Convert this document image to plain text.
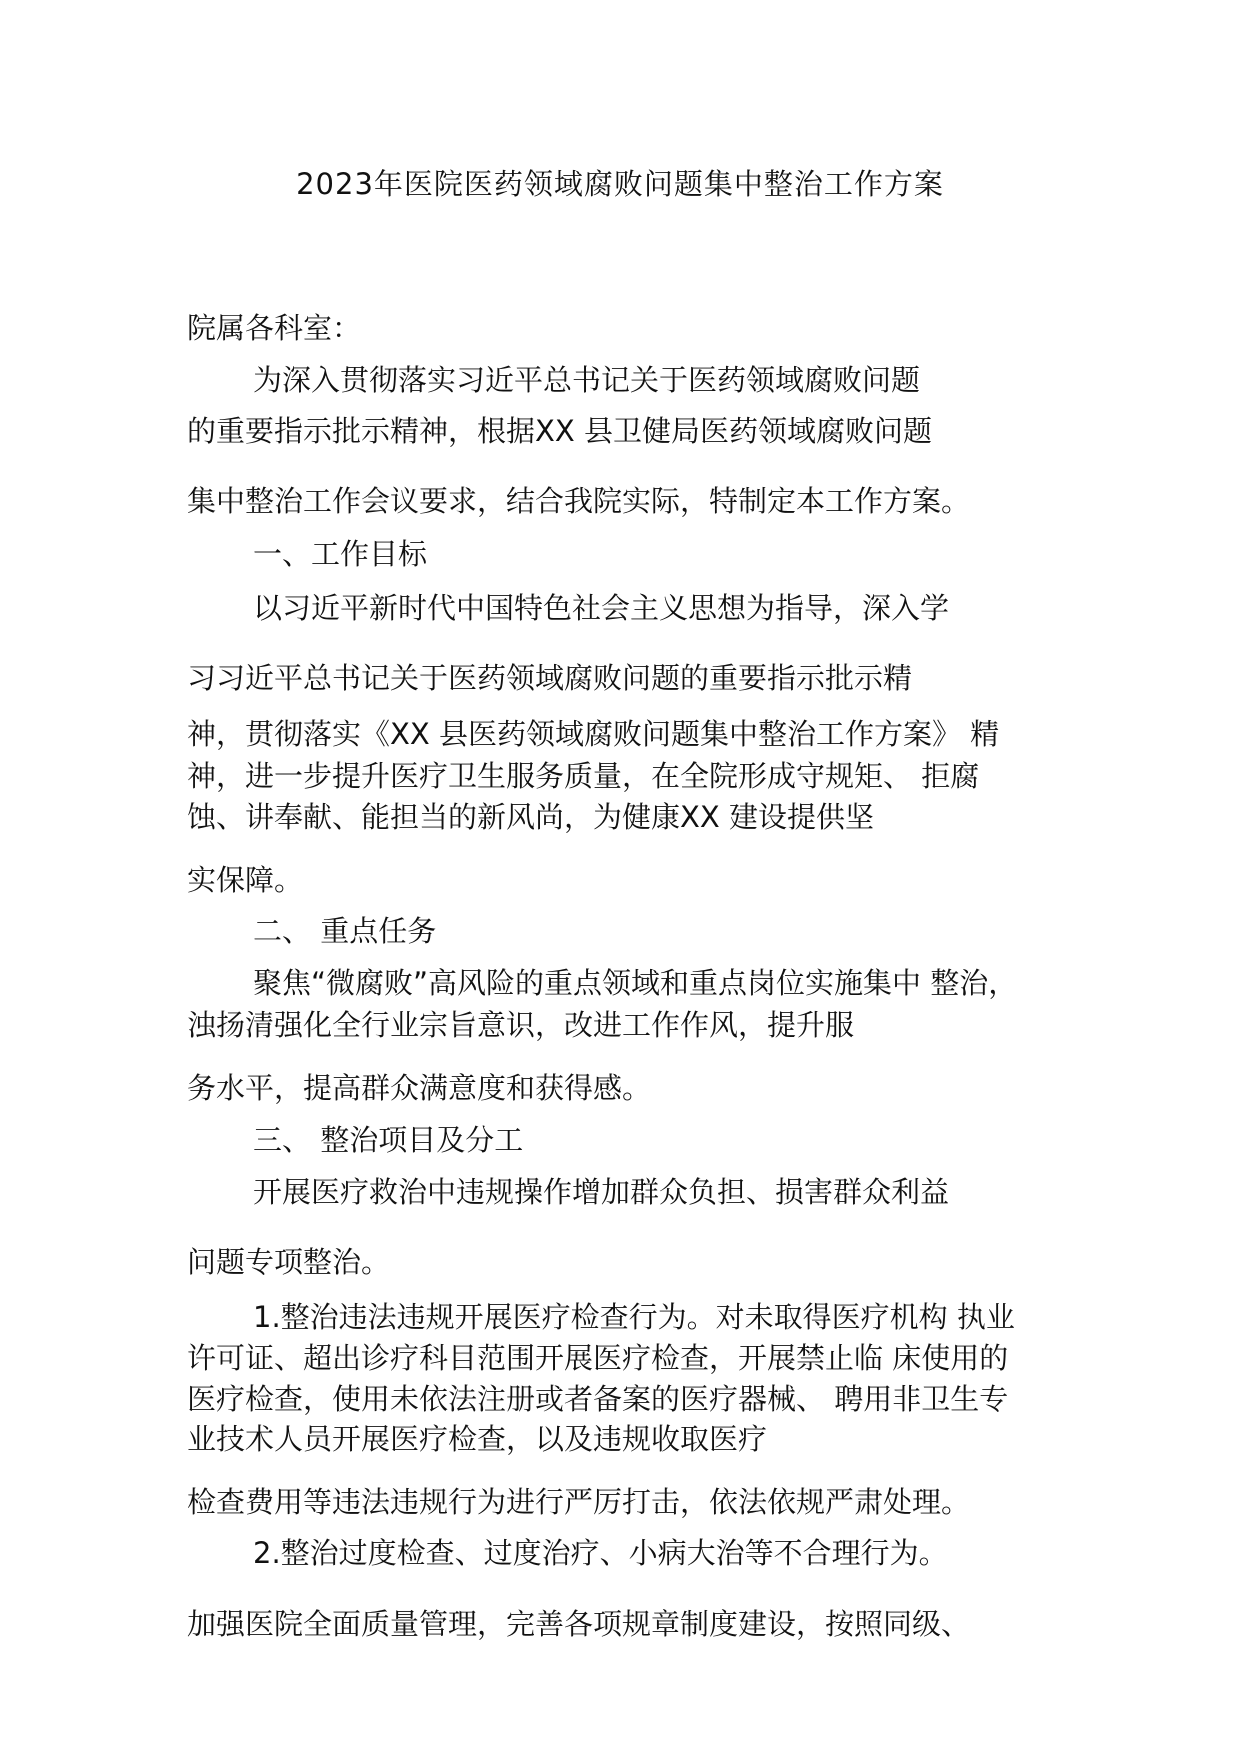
2023年医院医药领域腐败问题集中整治工作方案
院属各科室：
为深入贯彻落实习近平总书记关于医药领域腐败问题
的重要指示批示精神，根据XX 县卫健局医药领域腐败问题
集中整治工作会议要求，结合我院实际，特制定本工作方案。
一、工作目标
以习近平新时代中国特色社会主义思想为指导，深入学
习习近平总书记关于医药领域腐败问题的重要指示批示精
神，贯彻落实《XX 县医药领域腐败问题集中整治工作方案》 精
神，进一步提升医疗卫生服务质量，在全院形成守规矩、 拒腐
蚀、讲奉献、能担当的新风尚，为健康XX 建设提供坚
实保障。
二、 重点任务
聚焦“微腐败”高风险的重点领域和重点岗位实施集中 整治，
浊扬清强化全行业宗旨意识，改进工作作风，提升服
务水平，提高群众满意度和获得感。
三、 整治项目及分工
开展医疗救治中违规操作增加群众负担、损害群众利益
问题专项整治。
1.整治违法违规开展医疗检查行为。对未取得医疗机构 执业
许可证、超出诊疗科目范围开展医疗检查，开展禁止临 床使用的
医疗检查，使用未依法注册或者备案的医疗器械、 聘用非卫生专
业技术人员开展医疗检查，以及违规收取医疗
检查费用等违法违规行为进行严厉打击，依法依规严肃处理。
2.整治过度检查、过度治疗、小病大治等不合理行为。
加强医院全面质量管理，完善各项规章制度建设，按照同级、
